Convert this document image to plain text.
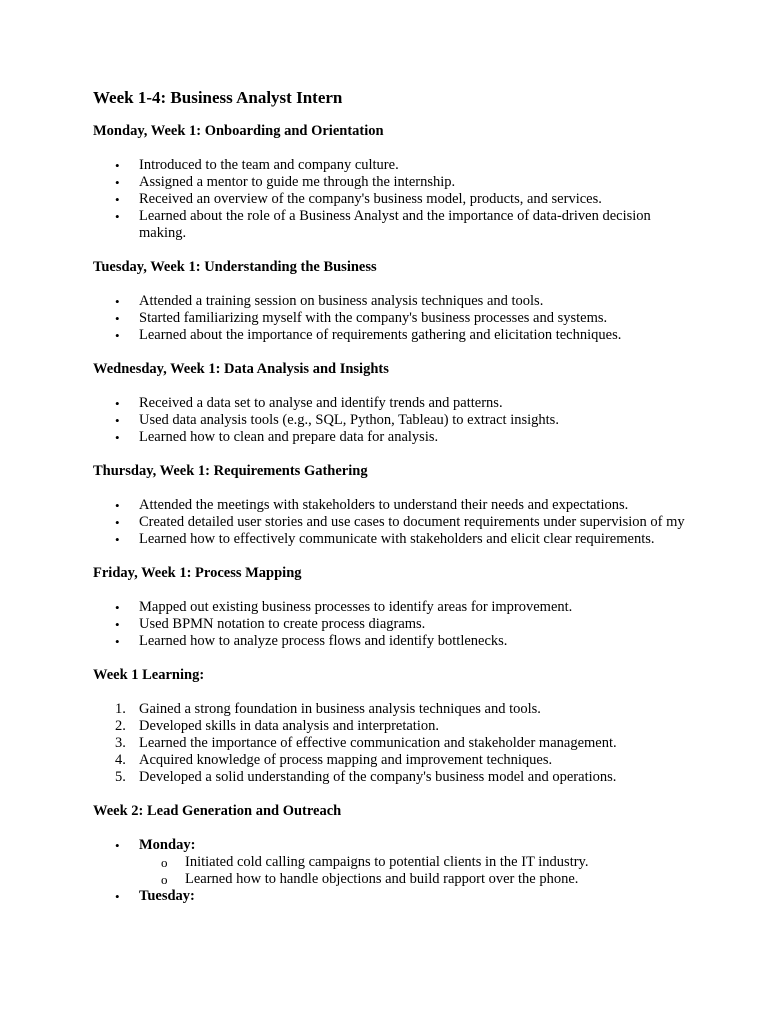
Week 1-4: Business Analyst Intern
Monday, Week 1: Onboarding and Orientation
• Introduced to the team and company culture.
• Assigned a mentor to guide me through the internship.
• Received an overview of the company's business model, products, and services.
• Learned about the role of a Business Analyst and the importance of data-driven decision making.
Tuesday, Week 1: Understanding the Business
• Attended a training session on business analysis techniques and tools.
• Started familiarizing myself with the company's business processes and systems.
• Learned about the importance of requirements gathering and elicitation techniques.
Wednesday, Week 1: Data Analysis and Insights
• Received a data set to analyse and identify trends and patterns.
• Used data analysis tools (e.g., SQL, Python, Tableau) to extract insights.
• Learned how to clean and prepare data for analysis.
Thursday, Week 1: Requirements Gathering
• Attended the meetings with stakeholders to understand their needs and expectations.
• Created detailed user stories and use cases to document requirements under supervision of my
• Learned how to effectively communicate with stakeholders and elicit clear requirements.
Friday, Week 1: Process Mapping
• Mapped out existing business processes to identify areas for improvement.
• Used BPMN notation to create process diagrams.
• Learned how to analyze process flows and identify bottlenecks.
Week 1 Learning:
Gained a strong foundation in business analysis techniques and tools.
Developed skills in data analysis and interpretation.
Learned the importance of effective communication and stakeholder management.
Acquired knowledge of process mapping and improvement techniques.
Developed a solid understanding of the company's business model and operations.
Week 2: Lead Generation and Outreach
• Monday:
o Initiated cold calling campaigns to potential clients in the IT industry.
o Learned how to handle objections and build rapport over the phone.
• Tuesday:
